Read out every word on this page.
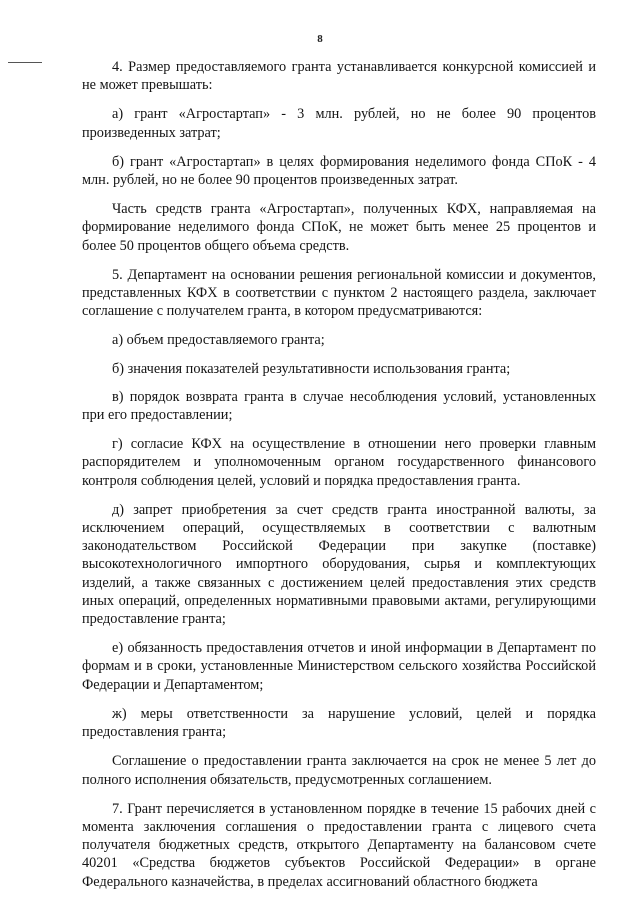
8

4. Размер предоставляемого гранта устанавливается конкурсной комиссией и не может превышать:

а) грант «Агростартап» - 3 млн. рублей, но не более 90 процентов произведенных затрат;

б) грант «Агростартап» в целях формирования неделимого фонда СПоК - 4 млн. рублей, но не более 90 процентов произведенных затрат.

Часть средств гранта «Агростартап», полученных КФХ, направляемая на формирование неделимого фонда СПоК, не может быть менее 25 процентов и более 50 процентов общего объема средств.

5. Департамент на основании решения региональной комиссии и документов, представленных КФХ в соответствии с пунктом 2 настоящего раздела, заключает соглашение с получателем гранта, в котором предусматриваются:

а) объем предоставляемого гранта;

б) значения показателей результативности использования гранта;

в) порядок возврата гранта в случае несоблюдения условий, установленных при его предоставлении;

г) согласие КФХ на осуществление в отношении него проверки главным распорядителем и уполномоченным органом государственного финансового контроля соблюдения целей, условий и порядка предоставления гранта.

д) запрет приобретения за счет средств гранта иностранной валюты, за исключением операций, осуществляемых в соответствии с валютным законодательством Российской Федерации при закупке (поставке) высокотехнологичного импортного оборудования, сырья и комплектующих изделий, а также связанных с достижением целей предоставления этих средств иных операций, определенных нормативными правовыми актами, регулирующими предоставление гранта;

е) обязанность предоставления отчетов и иной информации в Департамент по формам и в сроки, установленные Министерством сельского хозяйства Российской Федерации и Департаментом;

ж) меры ответственности за нарушение условий, целей и порядка предоставления гранта;

Соглашение о предоставлении гранта заключается на срок не менее 5 лет до полного исполнения обязательств, предусмотренных соглашением.

7. Грант перечисляется в установленном порядке в течение 15 рабочих дней с момента заключения соглашения о предоставлении гранта с лицевого счета получателя бюджетных средств, открытого Департаменту на балансовом счете 40201 «Средства бюджетов субъектов Российской Федерации» в органе Федерального казначейства, в пределах ассигнований областного бюджета
